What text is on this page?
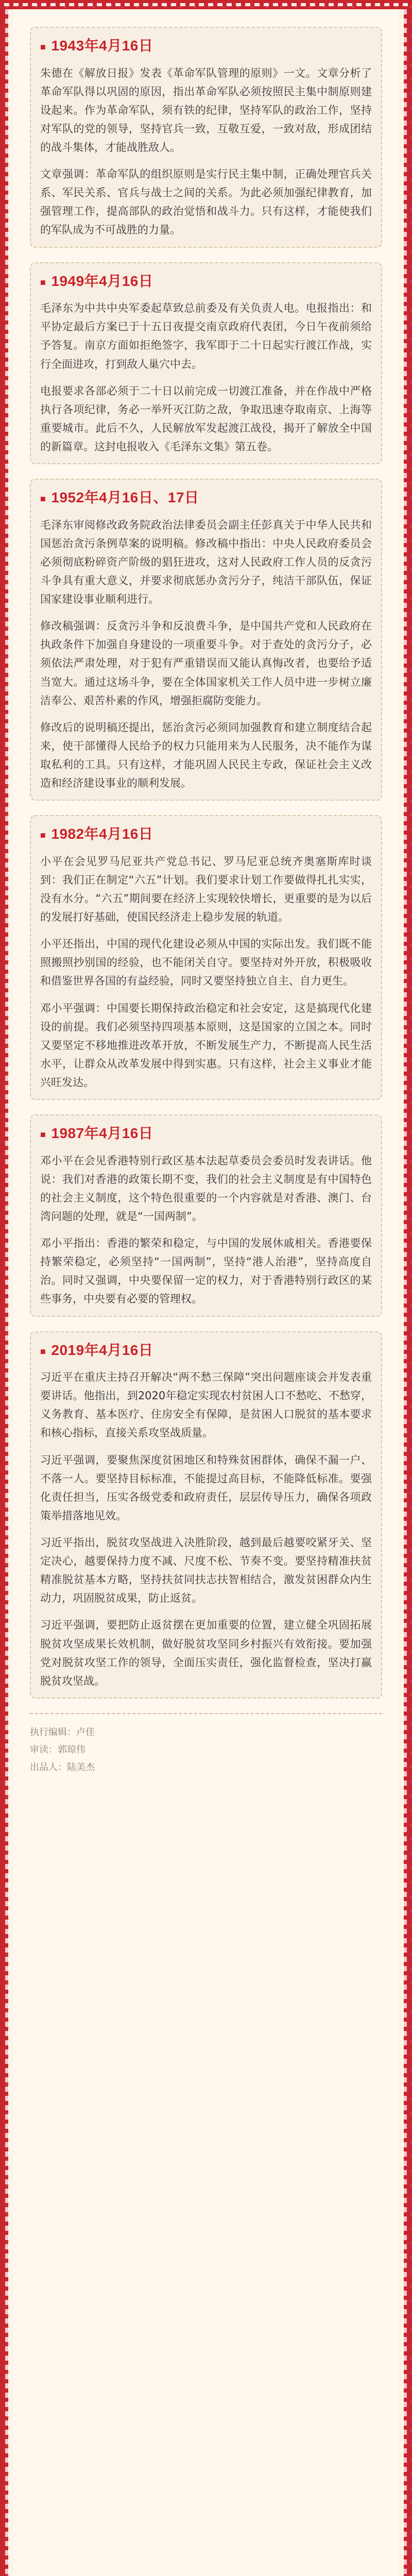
■ 1943年4月16日

朱德在《解放日报》发表《革命军队管理的原则》一文。文章分析了革命军队得以巩固的原因，指出革命军队必须按照民主集中制原则建设起来。作为革命军队，须有铁的纪律，坚持军队的政治工作，坚持对军队的党的领导，坚持官兵一致，互敬互爱，一致对敌，形成团结的战斗集体，才能战胜敌人。

文章强调：革命军队的组织原则是实行民主集中制，正确处理官兵关系、军民关系、官兵与战士之间的关系。为此必须加强纪律教育，加强管理工作，提高部队的政治觉悟和战斗力。只有这样，才能使我们的军队成为不可战胜的力量。

■ 1949年4月16日

毛泽东为中共中央军委起草致总前委及有关负责人电。电报指出：和平协定最后方案已于十五日夜提交南京政府代表团，今日午夜前须给予答复。南京方面如拒绝签字，我军即于二十日起实行渡江作战，实行全面进攻，打到敌人巢穴中去。

电报要求各部必须于二十日以前完成一切渡江准备，并在作战中严格执行各项纪律，务必一举歼灭江防之敌，争取迅速夺取南京、上海等重要城市。此后不久，人民解放军发起渡江战役，揭开了解放全中国的新篇章。这封电报收入《毛泽东文集》第五卷。

■ 1952年4月16日、17日

毛泽东审阅修改政务院政治法律委员会副主任彭真关于中华人民共和国惩治贪污条例草案的说明稿。修改稿中指出：中央人民政府委员会必须彻底粉碎资产阶级的猖狂进攻，这对人民政府工作人员的反贪污斗争具有重大意义，并要求彻底惩办贪污分子，纯洁干部队伍，保证国家建设事业顺利进行。

修改稿强调：反贪污斗争和反浪费斗争，是中国共产党和人民政府在执政条件下加强自身建设的一项重要斗争。对于查处的贪污分子，必须依法严肃处理，对于犯有严重错误而又能认真悔改者，也要给予适当宽大。通过这场斗争，要在全体国家机关工作人员中进一步树立廉洁奉公、艰苦朴素的作风，增强拒腐防变能力。

修改后的说明稿还提出，惩治贪污必须同加强教育和建立制度结合起来，使干部懂得人民给予的权力只能用来为人民服务，决不能作为谋取私利的工具。只有这样，才能巩固人民民主专政，保证社会主义改造和经济建设事业的顺利发展。

■ 1982年4月16日

小平在会见罗马尼亚共产党总书记、罗马尼亚总统齐奥塞斯库时谈到：我们正在制定“六五”计划。我们要求计划工作要做得扎扎实实，没有水分。“六五”期间要在经济上实现较快增长，更重要的是为以后的发展打好基础，使国民经济走上稳步发展的轨道。

小平还指出，中国的现代化建设必须从中国的实际出发。我们既不能照搬照抄别国的经验，也不能闭关自守。要坚持对外开放，积极吸收和借鉴世界各国的有益经验，同时又要坚持独立自主、自力更生。

邓小平强调：中国要长期保持政治稳定和社会安定，这是搞现代化建设的前提。我们必须坚持四项基本原则，这是国家的立国之本。同时又要坚定不移地推进改革开放，不断发展生产力，不断提高人民生活水平，让群众从改革发展中得到实惠。只有这样，社会主义事业才能兴旺发达。

■ 1987年4月16日

邓小平在会见香港特别行政区基本法起草委员会委员时发表讲话。他说：我们对香港的政策长期不变，我们的社会主义制度是有中国特色的社会主义制度，这个特色很重要的一个内容就是对香港、澳门、台湾问题的处理，就是“一国两制”。

邓小平指出：香港的繁荣和稳定，与中国的发展休戚相关。香港要保持繁荣稳定，必须坚持“一国两制”，坚持“港人治港”，坚持高度自治。同时又强调，中央要保留一定的权力，对于香港特别行政区的某些事务，中央要有必要的管理权。

■ 2019年4月16日

习近平在重庆主持召开解决“两不愁三保障”突出问题座谈会并发表重要讲话。他指出，到2020年稳定实现农村贫困人口不愁吃、不愁穿，义务教育、基本医疗、住房安全有保障，是贫困人口脱贫的基本要求和核心指标，直接关系攻坚战质量。

习近平强调，要聚焦深度贫困地区和特殊贫困群体，确保不漏一户、不落一人。要坚持目标标准，不能提过高目标，不能降低标准。要强化责任担当，压实各级党委和政府责任，层层传导压力，确保各项政策举措落地见效。

习近平指出，脱贫攻坚战进入决胜阶段，越到最后越要咬紧牙关、坚定决心，越要保持力度不减、尺度不松、节奏不变。要坚持精准扶贫精准脱贫基本方略，坚持扶贫同扶志扶智相结合，激发贫困群众内生动力，巩固脱贫成果，防止返贫。

习近平强调，要把防止返贫摆在更加重要的位置，建立健全巩固拓展脱贫攻坚成果长效机制，做好脱贫攻坚同乡村振兴有效衔接。要加强党对脱贫攻坚工作的领导，全面压实责任，强化监督检查，坚决打赢脱贫攻坚战。

执行编辑：卢佳
审读：郭琼伟
出品人：陆美杰
